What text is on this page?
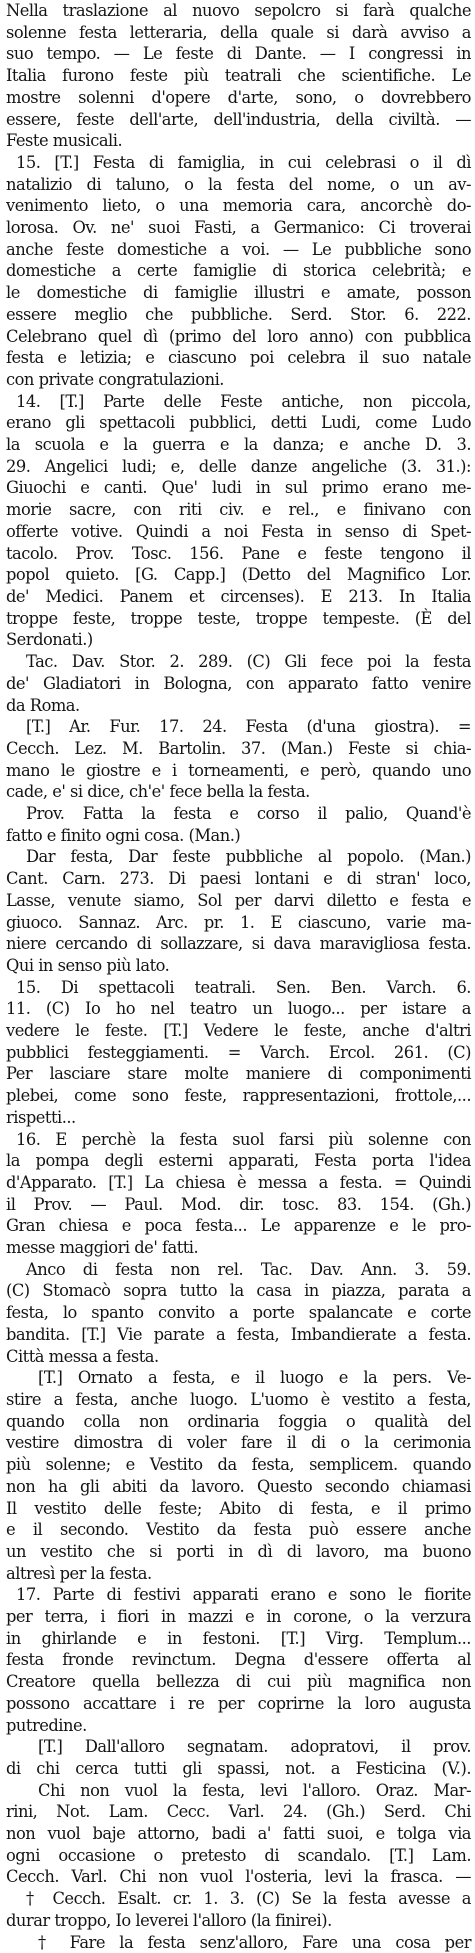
Nella traslazione al nuovo sepolcro si farà qualche
solenne festa letteraria, della quale si darà avviso a
suo tempo. — Le feste di Dante. — I congressi in
Italia furono feste più teatrali che scientifiche. Le
mostre solenni d'opere d'arte, sono, o dovrebbero
essere, feste dell'arte, dell'industria, della civiltà. —
Feste musicali.
15. [T.] Festa di famiglia, in cui celebrasi o il dì
natalizio di taluno, o la festa del nome, o un av-
venimento lieto, o una memoria cara, ancorchè do-
lorosa. Ov. ne' suoi Fasti, a Germanico: Ci troverai
anche feste domestiche a voi. — Le pubbliche sono
domestiche a certe famiglie di storica celebrità; e
le domestiche di famiglie illustri e amate, posson
essere meglio che pubbliche. Serd. Stor. 6. 222.
Celebrano quel dì (primo del loro anno) con pubblica
festa e letizia; e ciascuno poi celebra il suo natale
con private congratulazioni.
14. [T.] Parte delle Feste antiche, non piccola,
erano gli spettacoli pubblici, detti Ludi, come Ludo
la scuola e la guerra e la danza; e anche D. 3.
29. Angelici ludi; e, delle danze angeliche (3. 31.):
Giuochi e canti. Que' ludi in sul primo erano me-
morie sacre, con riti civ. e rel., e finivano con
offerte votive. Quindi a noi Festa in senso di Spet-
tacolo. Prov. Tosc. 156. Pane e feste tengono il
popol quieto. [G. Capp.] (Detto del Magnifico Lor.
de' Medici. Panem et circenses). E 213. In Italia
troppe feste, troppe teste, troppe tempeste. (È del
Serdonati.)
Tac. Dav. Stor. 2. 289. (C) Gli fece poi la festa
de' Gladiatori in Bologna, con apparato fatto venire
da Roma.
[T.] Ar. Fur. 17. 24. Festa (d'una giostra). =
Cecch. Lez. M. Bartolin. 37. (Man.) Feste si chia-
mano le giostre e i torneamenti, e però, quando uno
cade, e' si dice, ch'e' fece bella la festa.
Prov. Fatta la festa e corso il palio, Quand'è
fatto e finito ogni cosa. (Man.)
Dar festa, Dar feste pubbliche al popolo. (Man.)
Cant. Carn. 273. Di paesi lontani e di stran' loco,
Lasse, venute siamo, Sol per darvi diletto e festa e
giuoco. Sannaz. Arc. pr. 1. E ciascuno, varie ma-
niere cercando di sollazzare, si dava maravigliosa festa.
Qui in senso più lato.
15. Di spettacoli teatrali. Sen. Ben. Varch. 6.
11. (C) Io ho nel teatro un luogo... per istare a
vedere le feste. [T.] Vedere le feste, anche d'altri
pubblici festeggiamenti. = Varch. Ercol. 261. (C)
Per lasciare stare molte maniere di componimenti
plebei, come sono feste, rappresentazioni, frottole,...
rispetti...
16. E perchè la festa suol farsi più solenne con
la pompa degli esterni apparati, Festa porta l'idea
d'Apparato. [T.] La chiesa è messa a festa. = Quindi
il Prov. — Paul. Mod. dir. tosc. 83. 154. (Gh.)
Gran chiesa e poca festa... Le apparenze e le pro-
messe maggiori de' fatti.
Anco di festa non rel. Tac. Dav. Ann. 3. 59.
(C) Stomacò sopra tutto la casa in piazza, parata a
festa, lo spanto convito a porte spalancate e corte
bandita. [T.] Vie parate a festa, Imbandierate a festa.
Città messa a festa.
[T.] Ornato a festa, e il luogo e la pers. Ve-
stire a festa, anche luogo. L'uomo è vestito a festa,
quando colla non ordinaria foggia o qualità del
vestire dimostra di voler fare il di o la cerimonia
più solenne; e Vestito da festa, semplicem. quando
non ha gli abiti da lavoro. Questo secondo chiamasi
Il vestito delle feste; Abito di festa, e il primo
e il secondo. Vestito da festa può essere anche
un vestito che si porti in dì di lavoro, ma buono
altresì per la festa.
17. Parte di festivi apparati erano e sono le fiorite
per terra, i fiori in mazzi e in corone, o la verzura
in ghirlande e in festoni. [T.] Virg. Templum...
festa fronde revinctum. Degna d'essere offerta al
Creatore quella bellezza di cui più magnifica non
possono accattare i re per coprirne la loro augusta
putredine.
[T.] Dall'alloro segnatam. adopratovi, il prov.
di chi cerca tutti gli spassi, not. a Festicina (V.).
Chi non vuol la festa, levi l'alloro. Oraz. Mar-
rini, Not. Lam. Cecc. Varl. 24. (Gh.) Serd. Chi
non vuol baje attorno, badi a' fatti suoi, e tolga via
ogni occasione o pretesto di scandalo. [T.] Lam.
Cecch. Varl. Chi non vuol l'osteria, levi la frasca. —
† Cecch. Esalt. cr. 1. 3. (C) Se la festa avesse a
durar troppo, Io leverei l'alloro (la finirei).
† Fare la festa senz'alloro, Fare una cosa per
